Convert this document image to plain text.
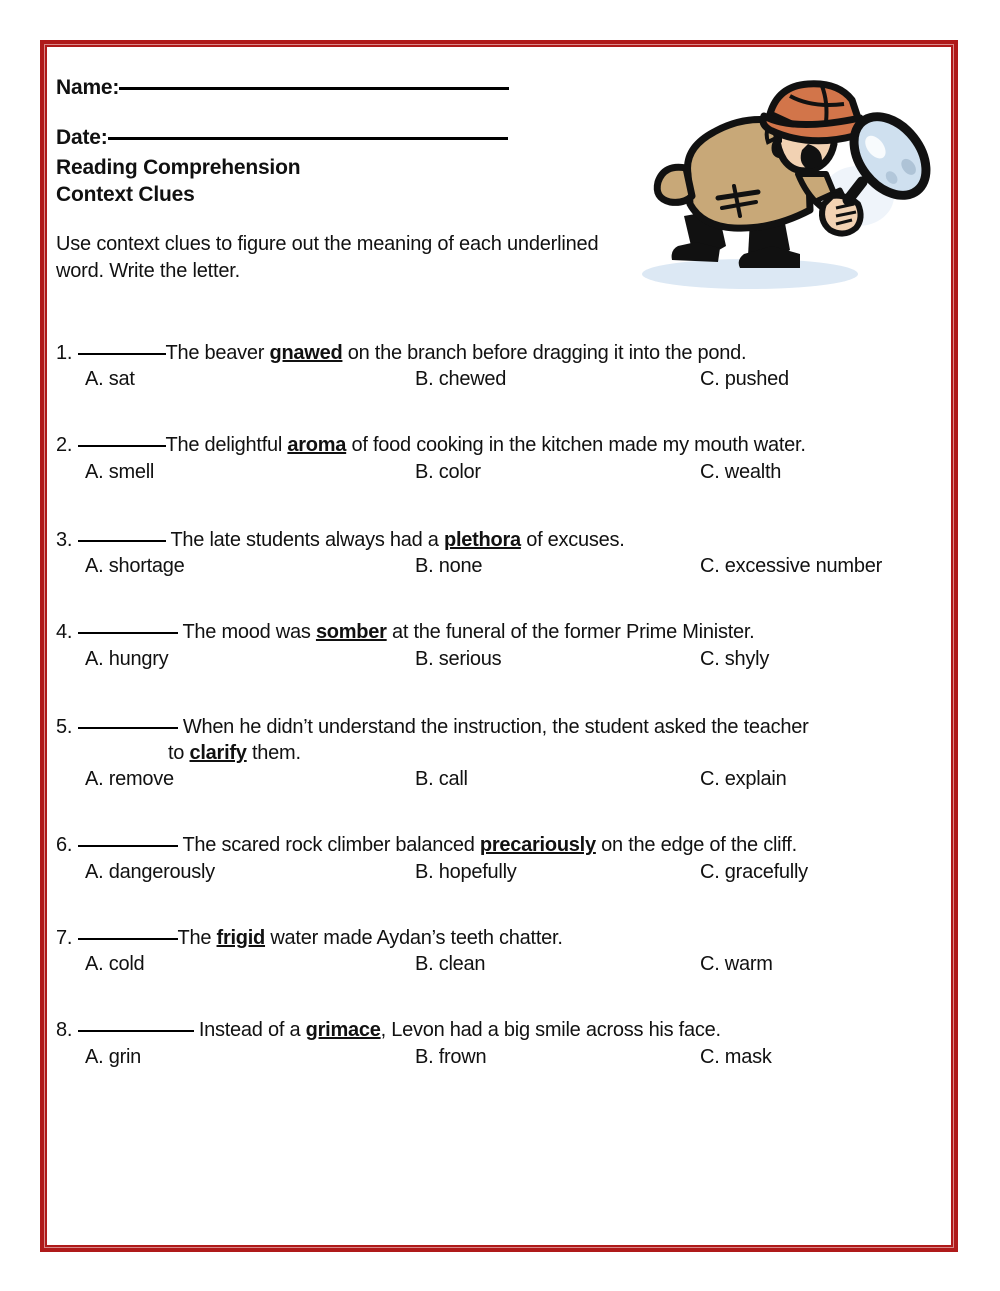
Name:
Date:
Reading Comprehension
Context Clues
Use context clues to figure out the meaning of each underlined word. Write the letter.
1.	The beaver gnawed on the branch before dragging it into the pond.
A. sat	B. chewed	C. pushed
2.	The delightful aroma of food cooking in the kitchen made my mouth water.
A. smell	B. color	C. wealth
3.	The late students always had a plethora of excuses.
A. shortage	B. none	C. excessive number
4.	The mood was somber at the funeral of the former Prime Minister.
A. hungry	B. serious	C. shyly
5.	When he didn’t understand the instruction, the student asked the teacher
to clarify them.
A. remove	B. call	C. explain
6.	The scared rock climber balanced precariously on the edge of the cliff.
A. dangerously	B. hopefully	C. gracefully
7.	The frigid water made Aydan’s teeth chatter.
A. cold	B. clean	C. warm
8.	Instead of a grimace, Levon had a big smile across his face.
A. grin	B. frown	C. mask
